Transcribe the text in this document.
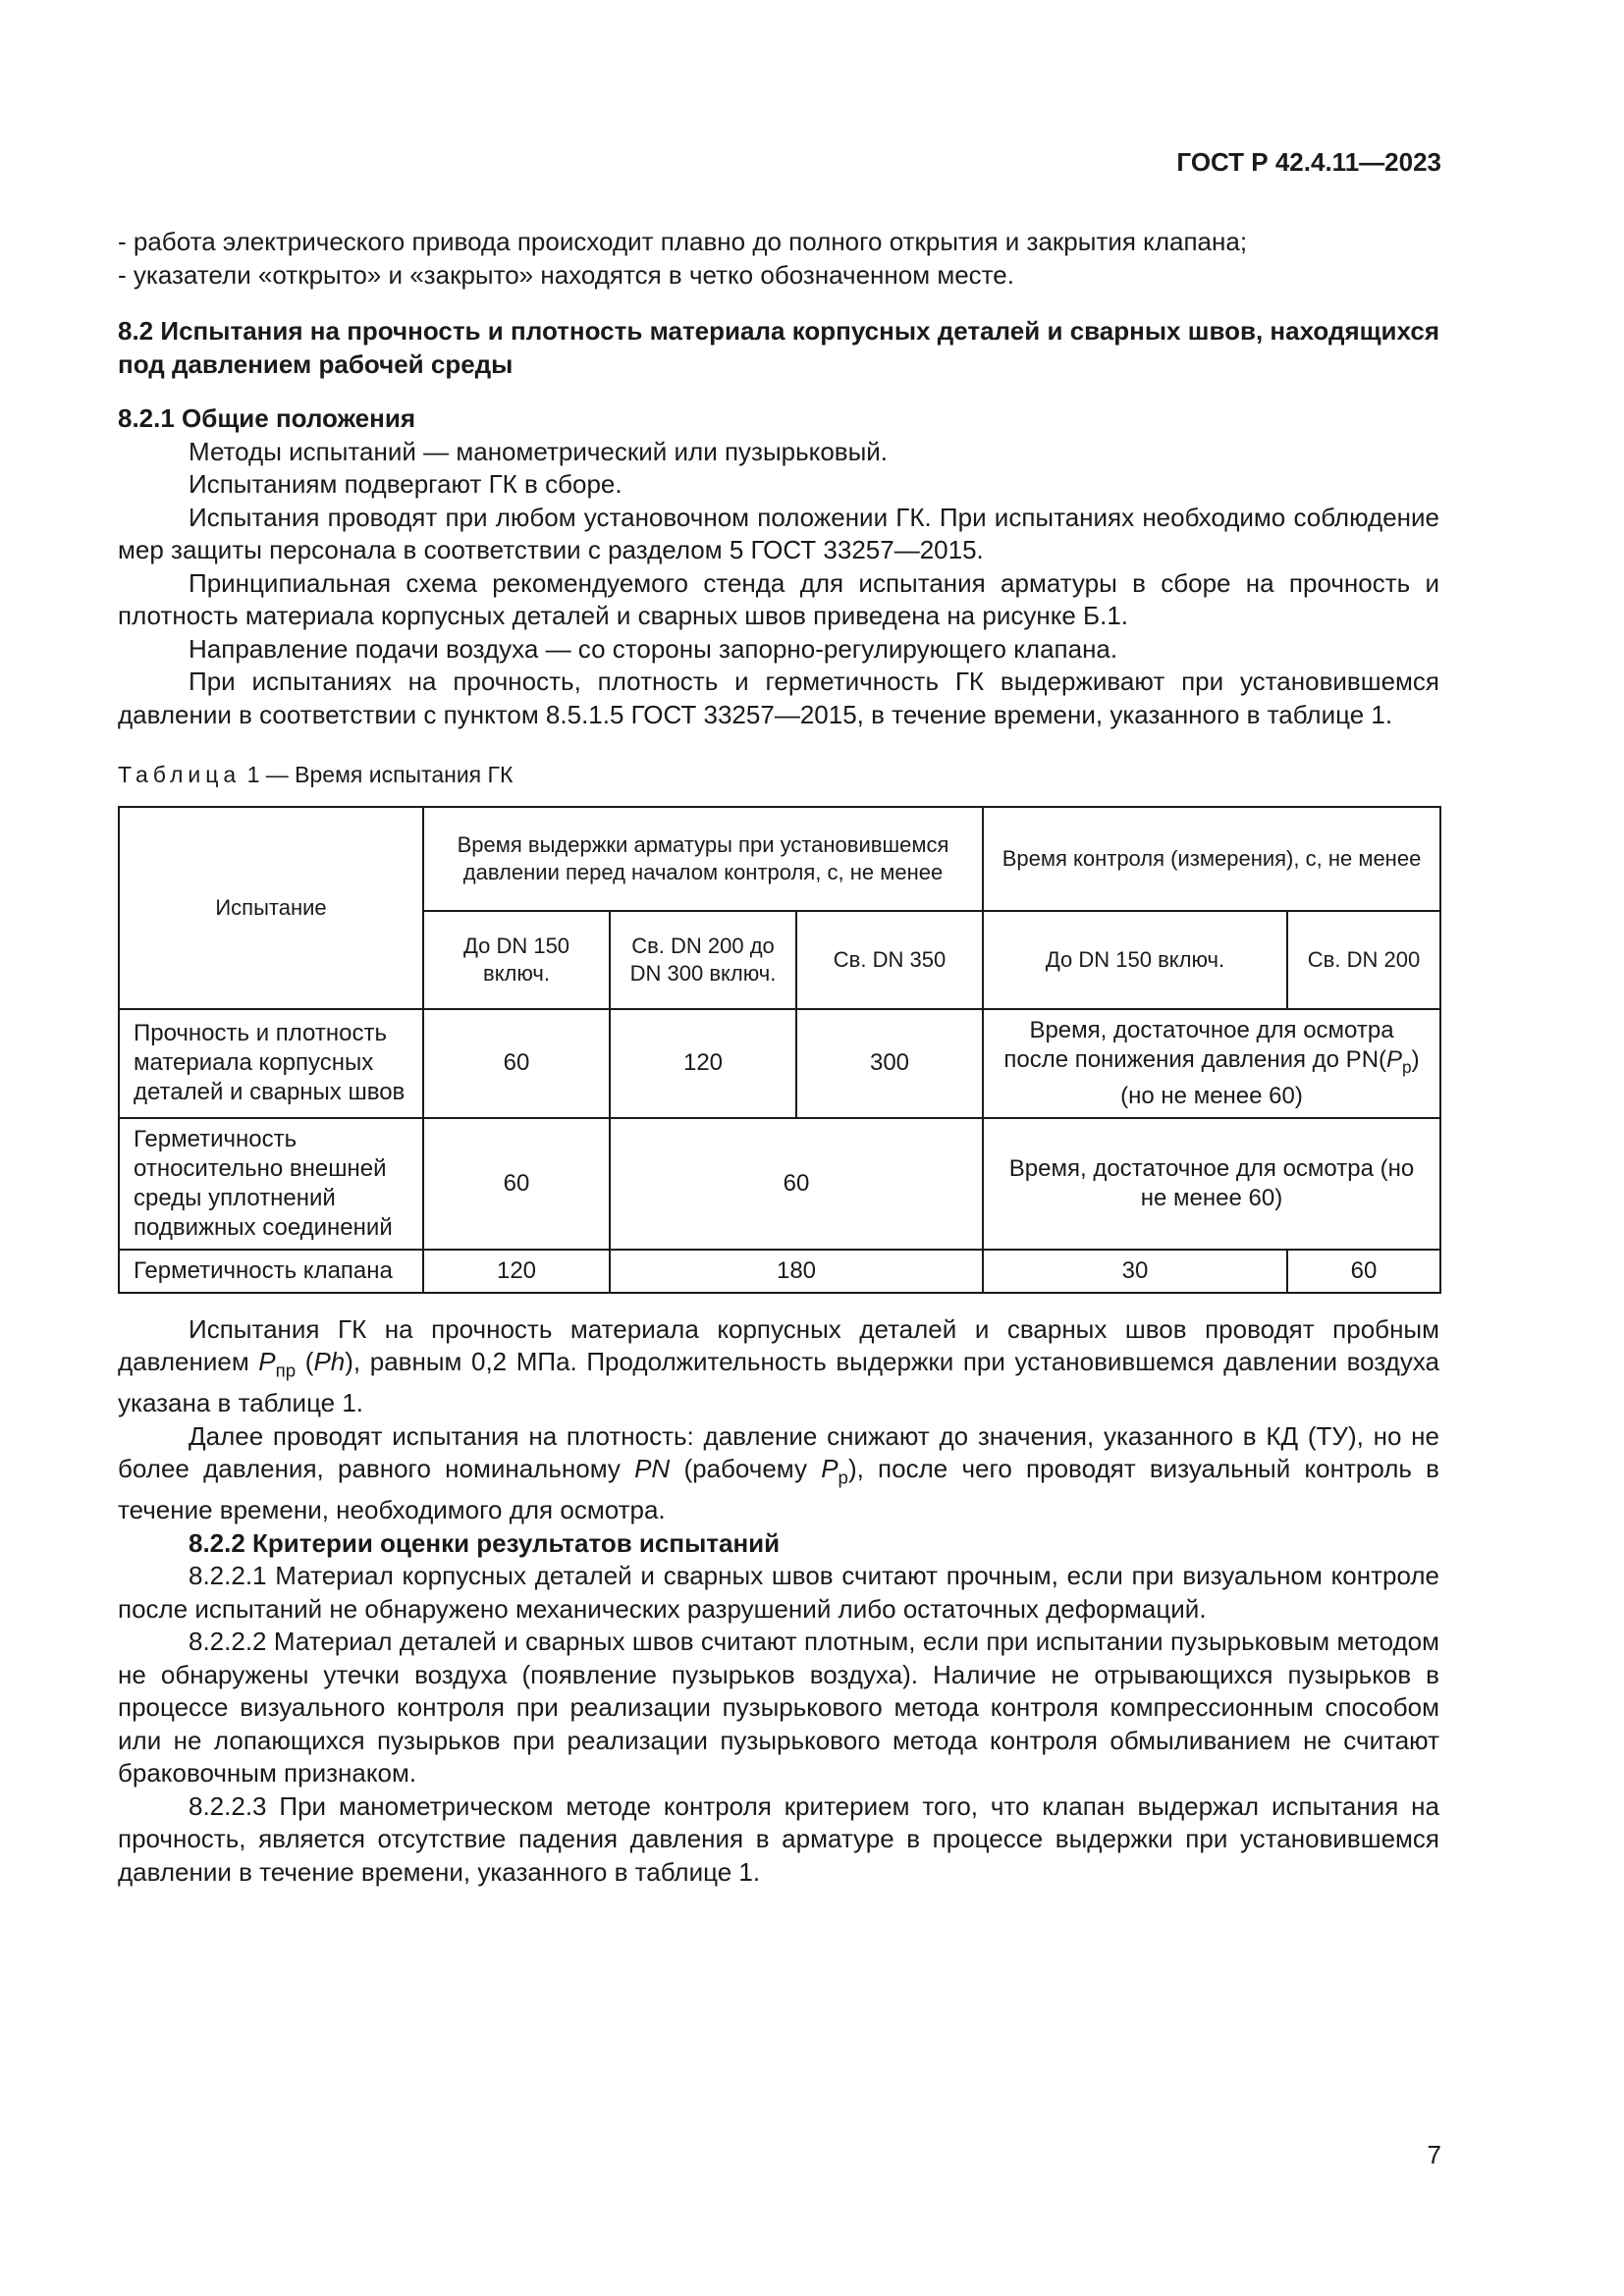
ГОСТ Р 42.4.11—2023

- работа электрического привода происходит плавно до полного открытия и закрытия клапана;

- указатели «открыто» и «закрыто» находятся в четко обозначенном месте.

8.2 Испытания на прочность и плотность материала корпусных деталей и сварных швов, находящихся под давлением рабочей среды

8.2.1 Общие положения

Методы испытаний — манометрический или пузырьковый.

Испытаниям подвергают ГК в сборе.

Испытания проводят при любом установочном положении ГК. При испытаниях необходимо соблюдение мер защиты персонала в соответствии с разделом 5 ГОСТ 33257—2015.

Принципиальная схема рекомендуемого стенда для испытания арматуры в сборе на прочность и плотность материала корпусных деталей и сварных швов приведена на рисунке Б.1.

Направление подачи воздуха — со стороны запорно-регулирующего клапана.

При испытаниях на прочность, плотность и герметичность ГК выдерживают при установившемся давлении в соответствии с пунктом 8.5.1.5 ГОСТ 33257—2015, в течение времени, указанного в таблице 1.

Таблица 1 — Время испытания ГК

Испытание	Время выдержки арматуры при установившемся давлении перед началом контроля, с, не менее			Время контроля (измерения), с, не менее	
	До DN 150 включ.	Св. DN 200 до DN 300 включ.	Св. DN 350	До DN 150 включ.	Св. DN 200
Прочность и плотность материала корпусных деталей и сварных швов	60	120	300	Время, достаточное для осмотра после понижения давления до $PN(P_р)$ (но не менее 60)	
Герметичность относительно внешней среды уплотнений подвижных соединений	60	60		Время, достаточное для осмотра (но не менее 60)	
Герметичность клапана	120	180		30	60

Испытания ГК на прочность материала корпусных деталей и сварных швов проводят пробным давлением $P_{пр}$ (Ph), равным 0,2 МПа. Продолжительность выдержки при установившемся давлении воздуха указана в таблице 1.

Далее проводят испытания на плотность: давление снижают до значения, указанного в КД (ТУ), но не более давления, равного номинальному PN (рабочему $P_р$), после чего проводят визуальный контроль в течение времени, необходимого для осмотра.

8.2.2 Критерии оценки результатов испытаний

8.2.2.1 Материал корпусных деталей и сварных швов считают прочным, если при визуальном контроле после испытаний не обнаружено механических разрушений либо остаточных деформаций.

8.2.2.2 Материал деталей и сварных швов считают плотным, если при испытании пузырьковым методом не обнаружены утечки воздуха (появление пузырьков воздуха). Наличие не отрывающихся пузырьков в процессе визуального контроля при реализации пузырькового метода контроля компрессионным способом или не лопающихся пузырьков при реализации пузырькового метода контроля обмыливанием не считают браковочным признаком.

8.2.2.3 При манометрическом методе контроля критерием того, что клапан выдержал испытания на прочность, является отсутствие падения давления в арматуре в процессе выдержки при установившемся давлении в течение времени, указанного в таблице 1.

7
